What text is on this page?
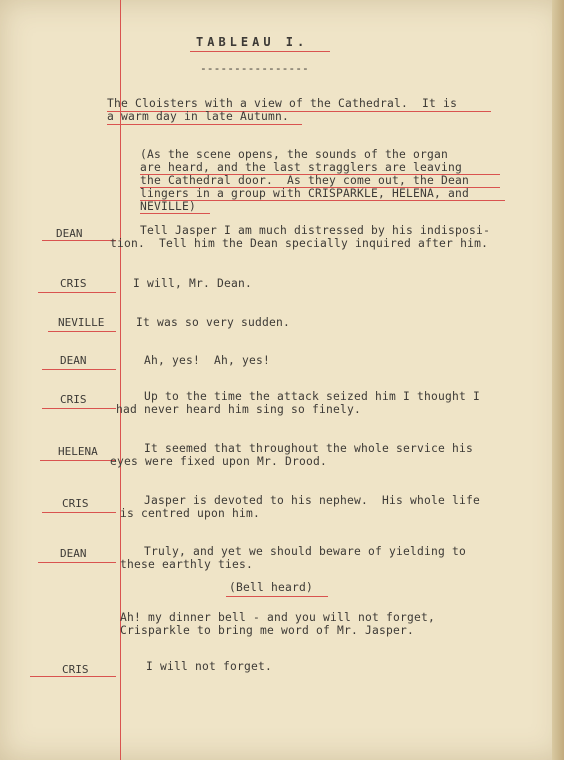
TABLEAU I.
----------------
The Cloisters with a view of the Cathedral.  It is
a warm day in late Autumn.
(As the scene opens, the sounds of the organ
are heard, and the last stragglers are leaving
the Cathedral door.  As they come out, the Dean
lingers in a group with CRISPARKLE, HELENA, and
NEVILLE)
DEAN	Tell Jasper I am much distressed by his indisposi-
tion.  Tell him the Dean specially inquired after him.
CRIS	I will, Mr. Dean.
NEVILLE	It was so very sudden.
DEAN	Ah, yes!  Ah, yes!
CRIS	Up to the time the attack seized him I thought I
had never heard him sing so finely.
HELENA	It seemed that throughout the whole service his
eyes were fixed upon Mr. Drood.
CRIS	Jasper is devoted to his nephew.  His whole life
is centred upon him.
DEAN	Truly, and yet we should beware of yielding to
these earthly ties.
(Bell heard)
Ah! my dinner bell - and you will not forget,
Crisparkle to bring me word of Mr. Jasper.
CRIS	I will not forget.
